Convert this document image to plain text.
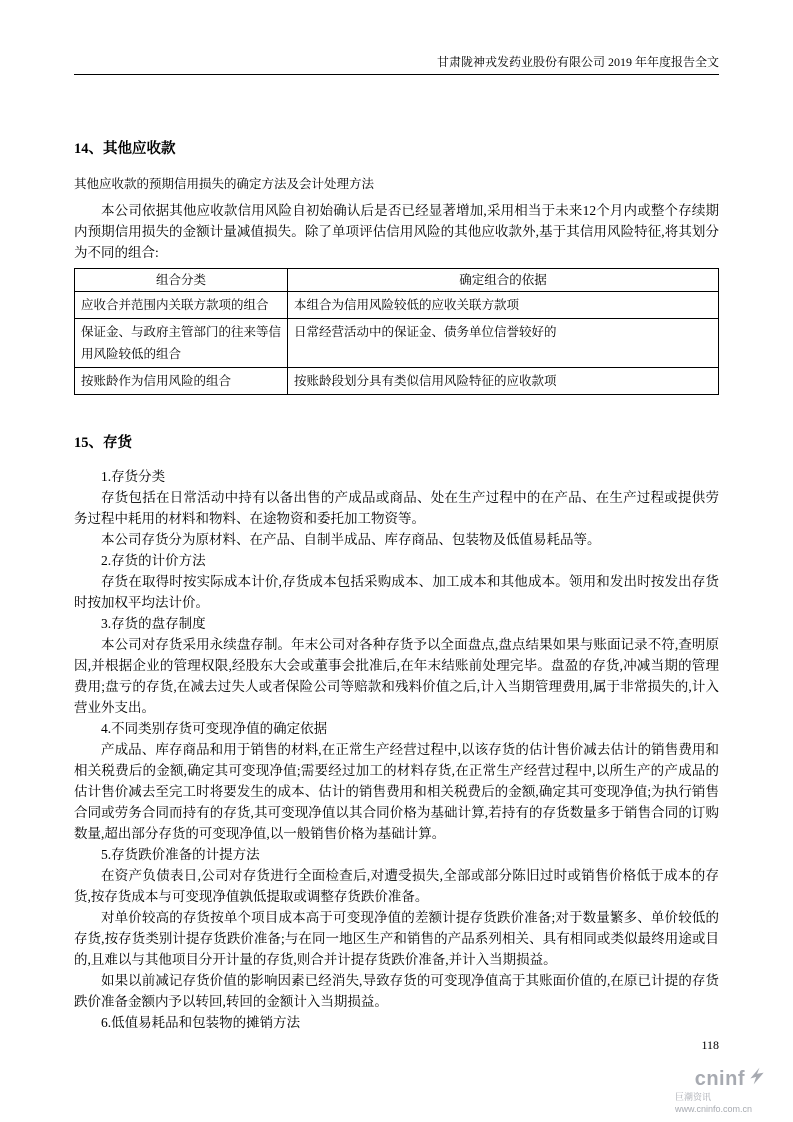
甘肃陇神戎发药业股份有限公司 2019 年年度报告全文
14、其他应收款
其他应收款的预期信用损失的确定方法及会计处理方法

本公司依据其他应收款信用风险自初始确认后是否已经显著增加,采用相当于未来12个月内或整个存续期内预期信用损失的金额计量减值损失。除了单项评估信用风险的其他应收款外,基于其信用风险特征,将其划分为不同的组合:

组合分类	确定组合的依据
应收合并范围内关联方款项的组合	本组合为信用风险较低的应收关联方款项
保证金、与政府主管部门的往来等信用风险较低的组合	日常经营活动中的保证金、债务单位信誉较好的
按账龄作为信用风险的组合	按账龄段划分具有类似信用风险特征的应收款项
15、存货

1.存货分类

存货包括在日常活动中持有以备出售的产成品或商品、处在生产过程中的在产品、在生产过程或提供劳务过程中耗用的材料和物料、在途物资和委托加工物资等。

本公司存货分为原材料、在产品、自制半成品、库存商品、包装物及低值易耗品等。

2.存货的计价方法

存货在取得时按实际成本计价,存货成本包括采购成本、加工成本和其他成本。领用和发出时按发出存货时按加权平均法计价。

3.存货的盘存制度

本公司对存货采用永续盘存制。年末公司对各种存货予以全面盘点,盘点结果如果与账面记录不符,查明原因,并根据企业的管理权限,经股东大会或董事会批准后,在年末结账前处理完毕。盘盈的存货,冲减当期的管理费用;盘亏的存货,在减去过失人或者保险公司等赔款和残料价值之后,计入当期管理费用,属于非常损失的,计入营业外支出。

4.不同类别存货可变现净值的确定依据

产成品、库存商品和用于销售的材料,在正常生产经营过程中,以该存货的估计售价减去估计的销售费用和相关税费后的金额,确定其可变现净值;需要经过加工的材料存货,在正常生产经营过程中,以所生产的产成品的估计售价减去至完工时将要发生的成本、估计的销售费用和相关税费后的金额,确定其可变现净值;为执行销售合同或劳务合同而持有的存货,其可变现净值以其合同价格为基础计算,若持有的存货数量多于销售合同的订购数量,超出部分存货的可变现净值,以一般销售价格为基础计算。

5.存货跌价准备的计提方法

在资产负债表日,公司对存货进行全面检查后,对遭受损失,全部或部分陈旧过时或销售价格低于成本的存货,按存货成本与可变现净值孰低提取或调整存货跌价准备。

对单价较高的存货按单个项目成本高于可变现净值的差额计提存货跌价准备;对于数量繁多、单价较低的存货,按存货类别计提存货跌价准备;与在同一地区生产和销售的产品系列相关、具有相同或类似最终用途或目的,且难以与其他项目分开计量的存货,则合并计提存货跌价准备,并计入当期损益。

如果以前减记存货价值的影响因素已经消失,导致存货的可变现净值高于其账面价值的,在原已计提的存货跌价准备金额内予以转回,转回的金额计入当期损益。

6.低值易耗品和包装物的摊销方法

118
cninf
巨潮资讯
www.cninfo.com.cn
